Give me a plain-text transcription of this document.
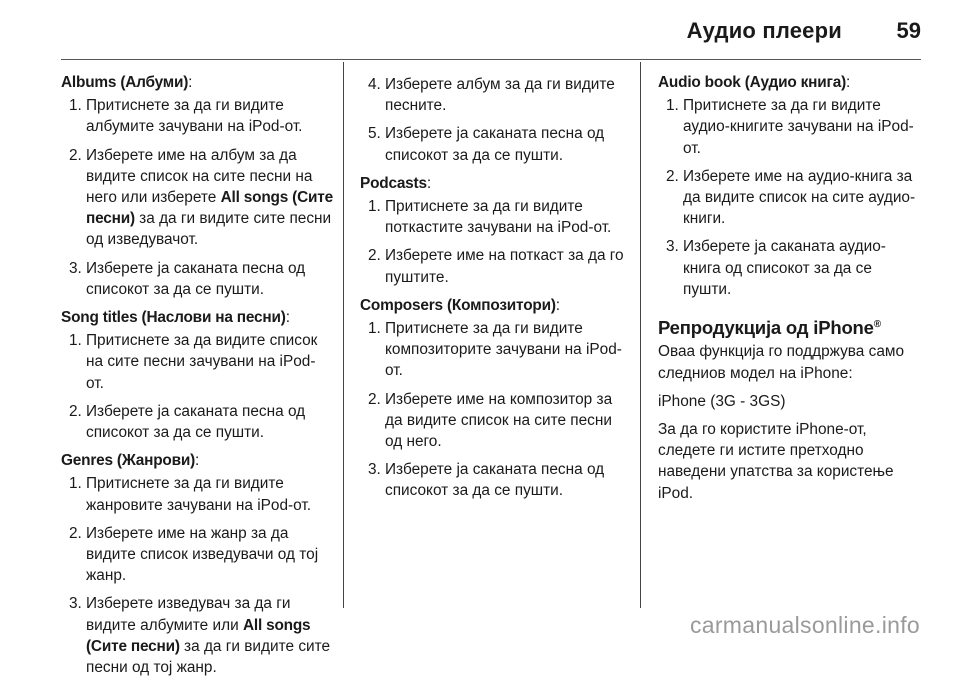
Аудио плеери 59
Albums (Албуми):
1. Притиснете за да ги видите албумите зачувани на iPod-от.
2. Изберете име на албум за да видите список на сите песни на него или изберете All songs (Сите песни) за да ги видите сите песни од изведувачот.
3. Изберете ја саканата песна од списокот за да се пушти.
Song titles (Наслови на песни):
1. Притиснете за да видите список на сите песни зачувани на iPod-от.
2. Изберете ја саканата песна од списокот за да се пушти.
Genres (Жанрови):
1. Притиснете за да ги видите жанровите зачувани на iPod-от.
2. Изберете име на жанр за да видите список изведувачи од тој жанр.
3. Изберете изведувач за да ги видите албумите или All songs (Сите песни) за да ги видите сите песни од тој жанр.
4. Изберете албум за да ги видите песните.
5. Изберете ја саканата песна од списокот за да се пушти.
Podcasts:
1. Притиснете за да ги видите поткастите зачувани на iPod-от.
2. Изберете име на поткаст за да го пуштите.
Composers (Композитори):
1. Притиснете за да ги видите композиторите зачувани на iPod-от.
2. Изберете име на композитор за да видите список на сите песни од него.
3. Изберете ја саканата песна од списокот за да се пушти.
Audio book (Аудио книга):
1. Притиснете за да ги видите аудио-книгите зачувани на iPod-от.
2. Изберете име на аудио-книга за да видите список на сите аудио-книги.
3. Изберете ја саканата аудио-книга од списокот за да се пушти.
Репродукција од iPhone®

Оваа функција го поддржува само следниов модел на iPhone:

iPhone (3G - 3GS)

За да го користите iPhone-от, следете ги истите претходно наведени упатства за користење iPod.

carmanualsonline.info
